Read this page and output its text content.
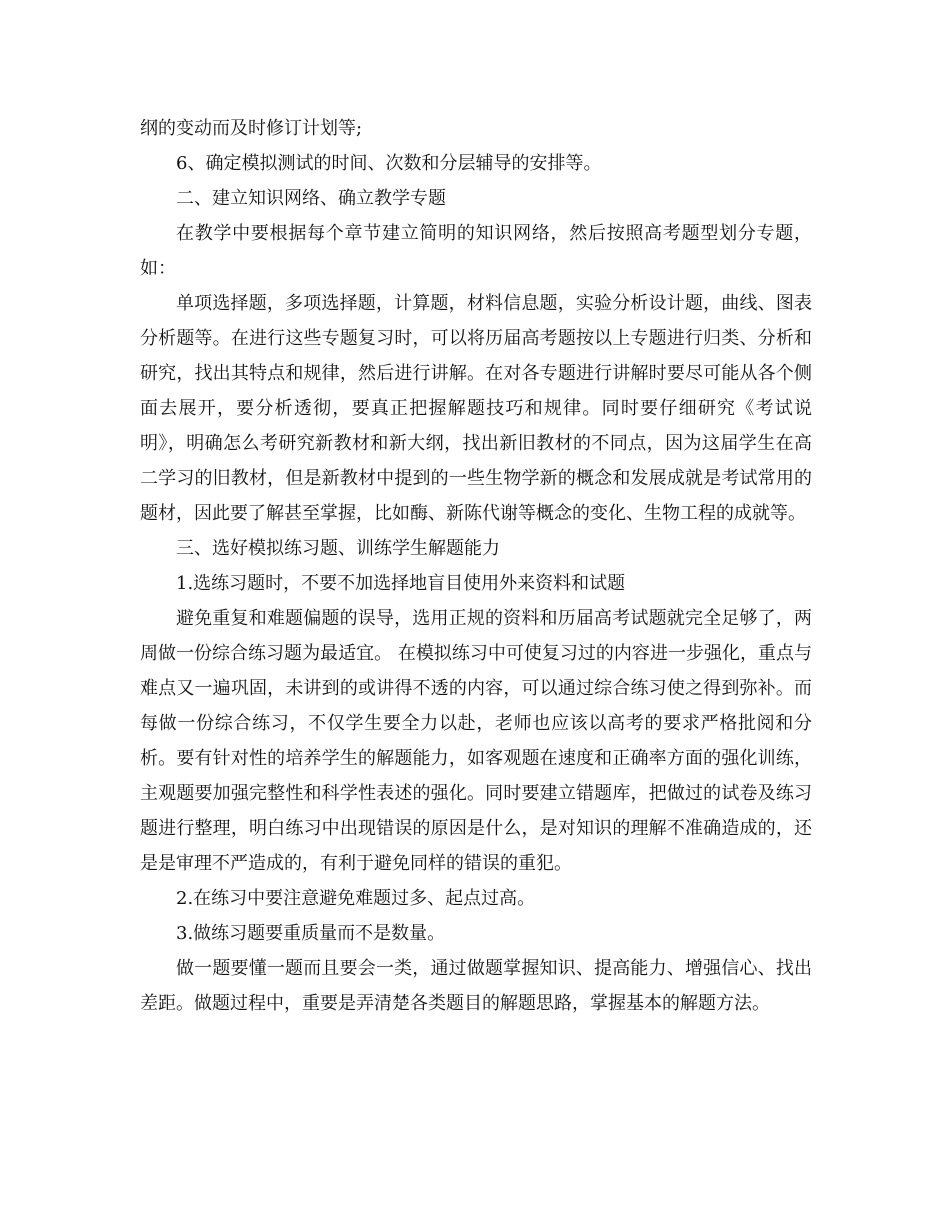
纲的变动而及时修订计划等;

6、确定模拟测试的时间、次数和分层辅导的安排等。

二、建立知识网络、确立教学专题

在教学中要根据每个章节建立简明的知识网络，然后按照高考题型划分专题，如：

单项选择题，多项选择题，计算题，材料信息题，实验分析设计题，曲线、图表分析题等。在进行这些专题复习时，可以将历届高考题按以上专题进行归类、分析和研究，找出其特点和规律，然后进行讲解。在对各专题进行讲解时要尽可能从各个侧面去展开，要分析透彻，要真正把握解题技巧和规律。同时要仔细研究《考试说明》，明确怎么考研究新教材和新大纲，找出新旧教材的不同点，因为这届学生在高二学习的旧教材，但是新教材中提到的一些生物学新的概念和发展成就是考试常用的题材，因此要了解甚至掌握，比如酶、新陈代谢等概念的变化、生物工程的成就等。

三、选好模拟练习题、训练学生解题能力

1.选练习题时，不要不加选择地盲目使用外来资料和试题

避免重复和难题偏题的误导，选用正规的资料和历届高考试题就完全足够了，两周做一份综合练习题为最适宜。 在模拟练习中可使复习过的内容进一步强化，重点与难点又一遍巩固，未讲到的或讲得不透的内容，可以通过综合练习使之得到弥补。而每做一份综合练习，不仅学生要全力以赴，老师也应该以高考的要求严格批阅和分析。要有针对性的培养学生的解题能力，如客观题在速度和正确率方面的强化训练，主观题要加强完整性和科学性表述的强化。同时要建立错题库，把做过的试卷及练习题进行整理，明白练习中出现错误的原因是什么，是对知识的理解不准确造成的，还是是审理不严造成的，有利于避免同样的错误的重犯。

2.在练习中要注意避免难题过多、起点过高。

3.做练习题要重质量而不是数量。

做一题要懂一题而且要会一类，通过做题掌握知识、提高能力、增强信心、找出差距。做题过程中，重要是弄清楚各类题目的解题思路，掌握基本的解题方法。
